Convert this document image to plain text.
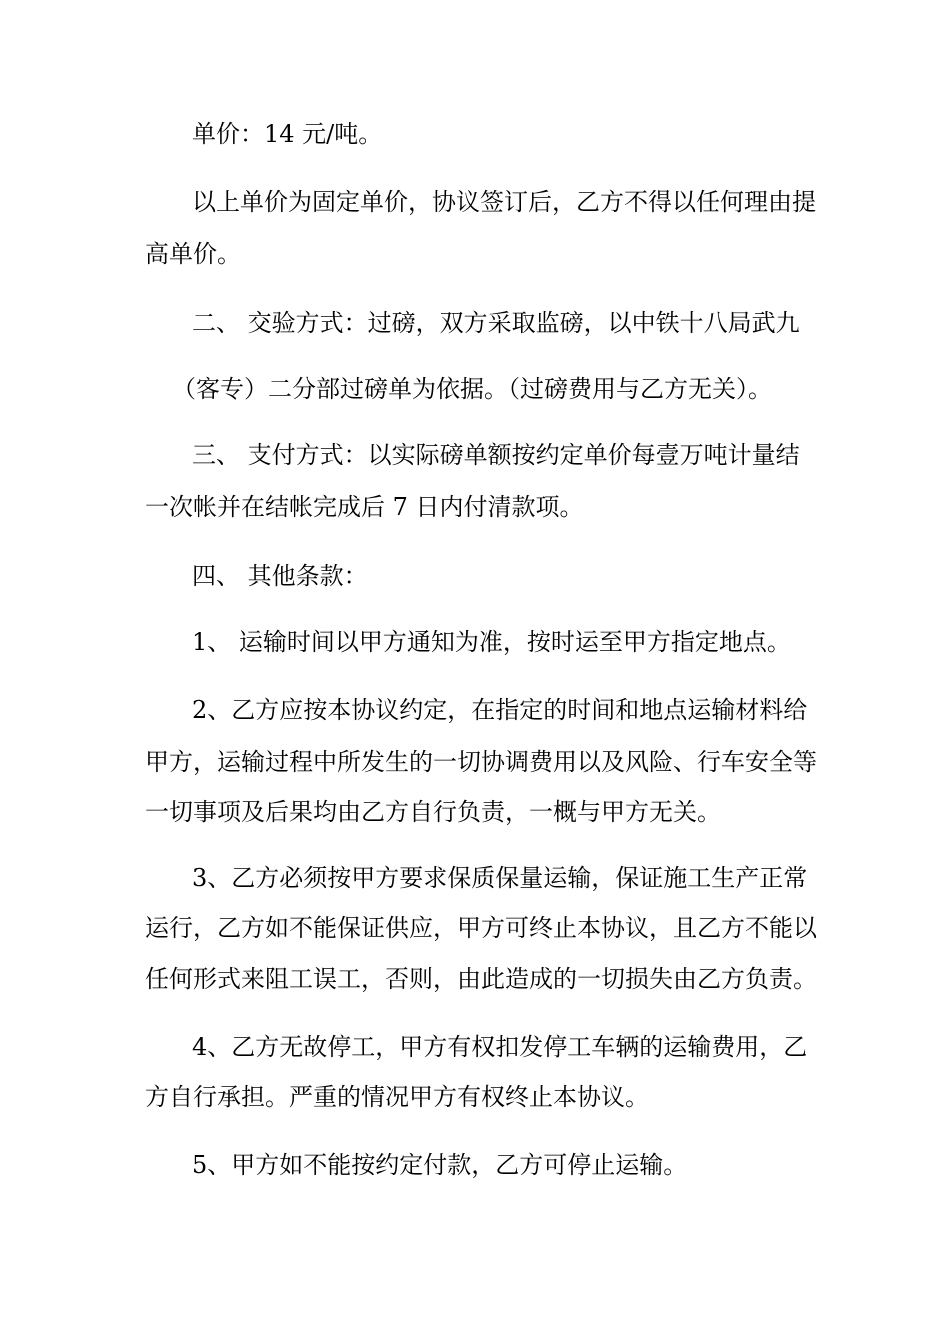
单价：14 元/吨。

以上单价为固定单价，协议签订后，乙方不得以任何理由提

高单价。

二、 交验方式：过磅，双方采取监磅，以中铁十八局武九

（客专）二分部过磅单为依据。（过磅费用与乙方无关）。

三、 支付方式：以实际磅单额按约定单价每壹万吨计量结

一次帐并在结帐完成后 7 日内付清款项。

四、 其他条款：

1、 运输时间以甲方通知为准，按时运至甲方指定地点。

2、乙方应按本协议约定，在指定的时间和地点运输材料给

甲方，运输过程中所发生的一切协调费用以及风险、行车安全等

一切事项及后果均由乙方自行负责，一概与甲方无关。

3、乙方必须按甲方要求保质保量运输，保证施工生产正常

运行，乙方如不能保证供应，甲方可终止本协议，且乙方不能以

任何形式来阻工误工，否则，由此造成的一切损失由乙方负责。

4、乙方无故停工，甲方有权扣发停工车辆的运输费用，乙

方自行承担。严重的情况甲方有权终止本协议。

5、甲方如不能按约定付款，乙方可停止运输。
